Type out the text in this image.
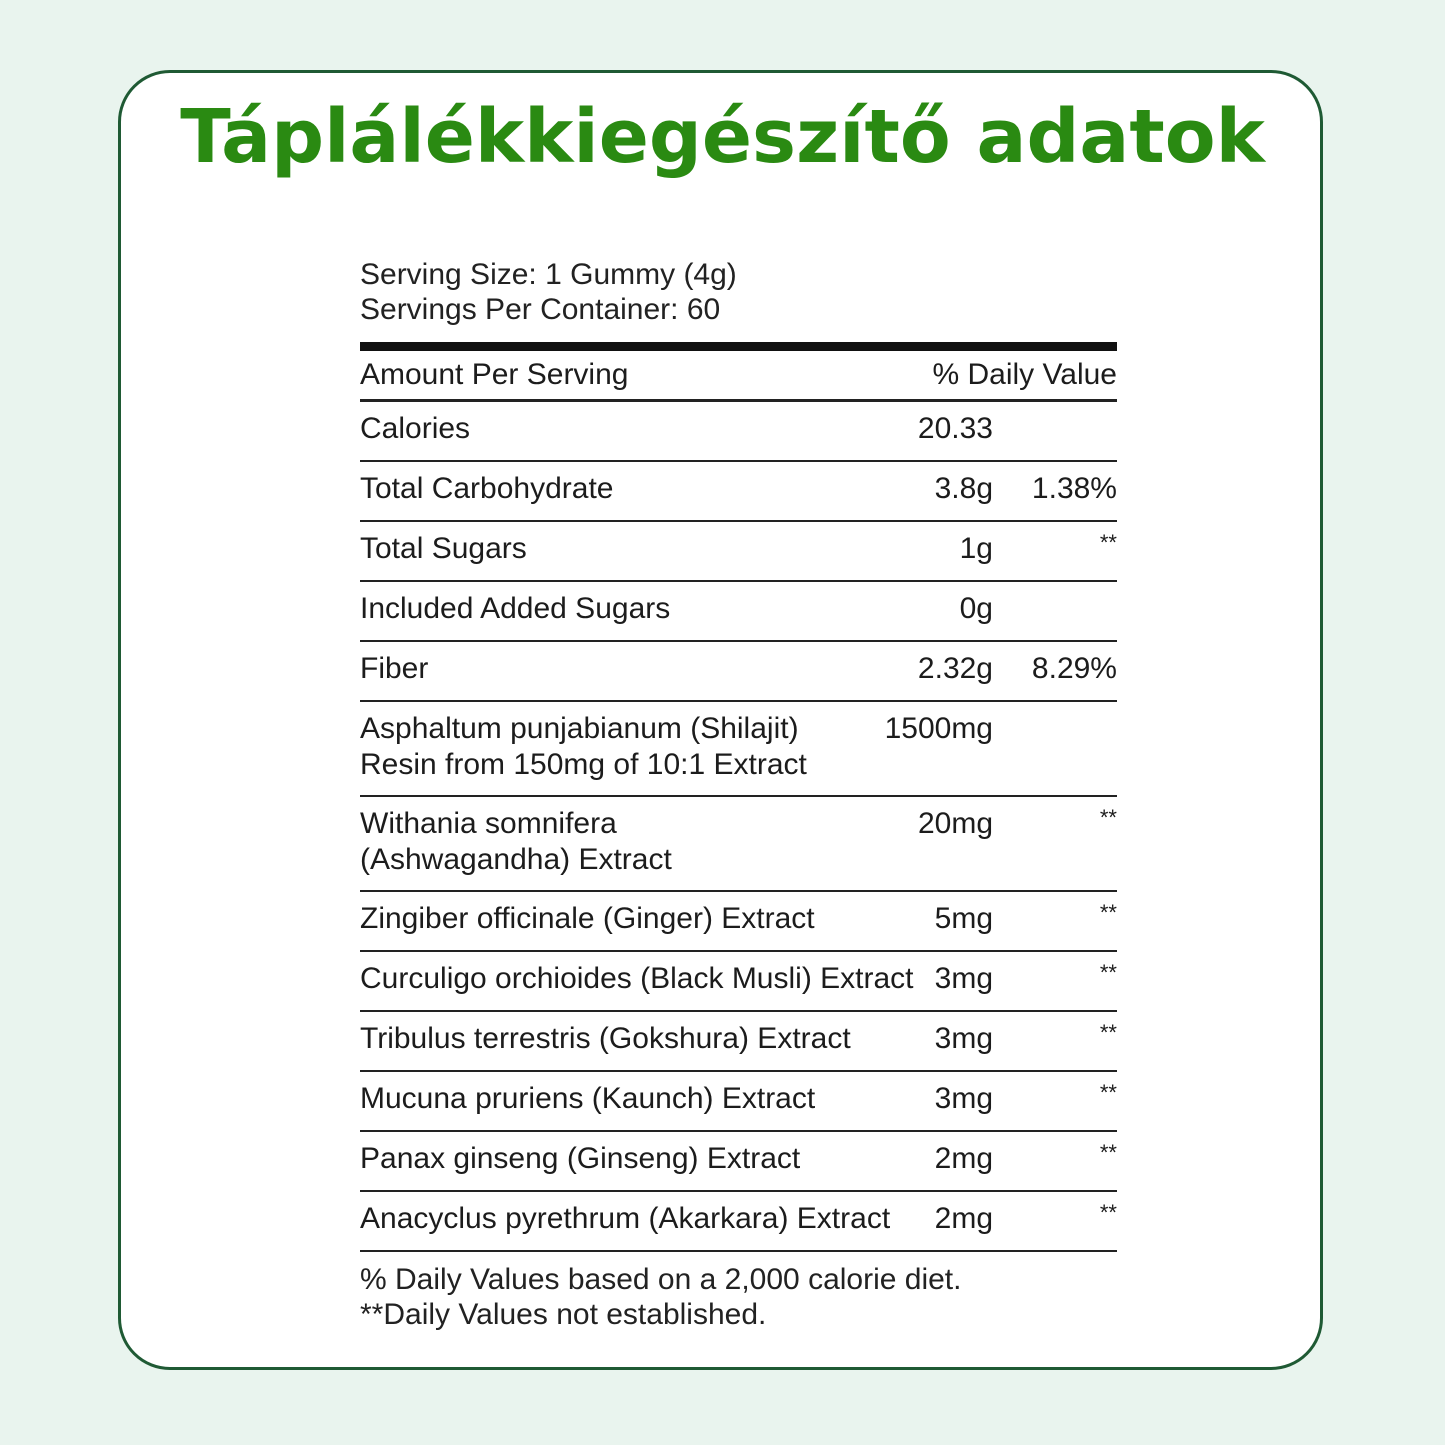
Táplálékkiegészítő adatok
Serving Size: 1 Gummy (4g)
Servings Per Container: 60
Amount Per Serving	% Daily Value
Calories	20.33
Total Carbohydrate	3.8g 1.38%
Total Sugars	1g	**
Included Added Sugars	0g
Fiber	2.32g 8.29%
Asphaltum punjabianum (Shilajit)
Resin from 150mg of 10:1 Extract
1500mg
Withania somnifera
(Ashwagandha) Extract
20mg	**
Zingiber officinale (Ginger) Extract	5mg	**
Curculigo orchioides (Black Musli) Extract 3mg	**
Tribulus terrestris (Gokshura) Extract	3mg	**
Mucuna pruriens (Kaunch) Extract	3mg	**
Panax ginseng (Ginseng) Extract	2mg	**
Anacyclus pyrethrum (Akarkara) Extract	2mg	**
% Daily Values based on a 2,000 calorie diet.
**Daily Values not established.
